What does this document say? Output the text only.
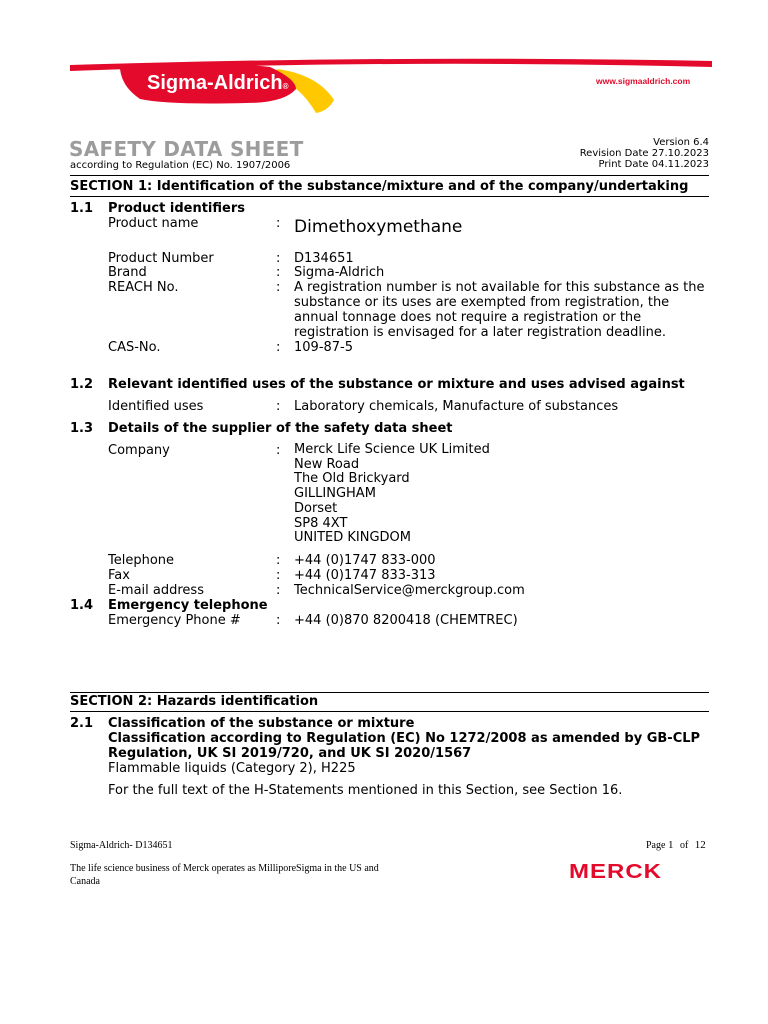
Sigma-Aldrich®
www.sigmaaldrich.com
SAFETY DATA SHEET
according to Regulation (EC) No. 1907/2006
Version 6.4
Revision Date 27.10.2023
Print Date 04.11.2023
SECTION 1: Identification of the substance/mixture and of the company/undertaking
1.1	Product identifiers
Product name	: Dimethoxymethane
Product Number	: D134651
Brand	: Sigma-Aldrich
REACH No.	: A registration number is not available for this substance as the
substance or its uses are exempted from registration, the
annual tonnage does not require a registration or the
registration is envisaged for a later registration deadline.
CAS-No.	: 109-87-5
1.2	Relevant identified uses of the substance or mixture and uses advised against
Identified uses	: Laboratory chemicals, Manufacture of substances
1.3	Details of the supplier of the safety data sheet
Company	: Merck Life Science UK Limited
New Road
The Old Brickyard
GILLINGHAM
Dorset
SP8 4XT
UNITED KINGDOM
Telephone	: +44 (0)1747 833-000
Fax	: +44 (0)1747 833-313
E-mail address	: TechnicalService@merckgroup.com
1.4	Emergency telephone
Emergency Phone #	: +44 (0)870 8200418 (CHEMTREC)
SECTION 2: Hazards identification
2.1	Classification of the substance or mixture
Classification according to Regulation (EC) No 1272/2008 as amended by GB-CLP
Regulation, UK SI 2019/720, and UK SI 2020/1567
Flammable liquids (Category 2), H225
For the full text of the H-Statements mentioned in this Section, see Section 16.
Sigma-Aldrich- D134651	Page 1 of 12
The life science business of Merck operates as MilliporeSigma in the US and
Canada	MERCK
